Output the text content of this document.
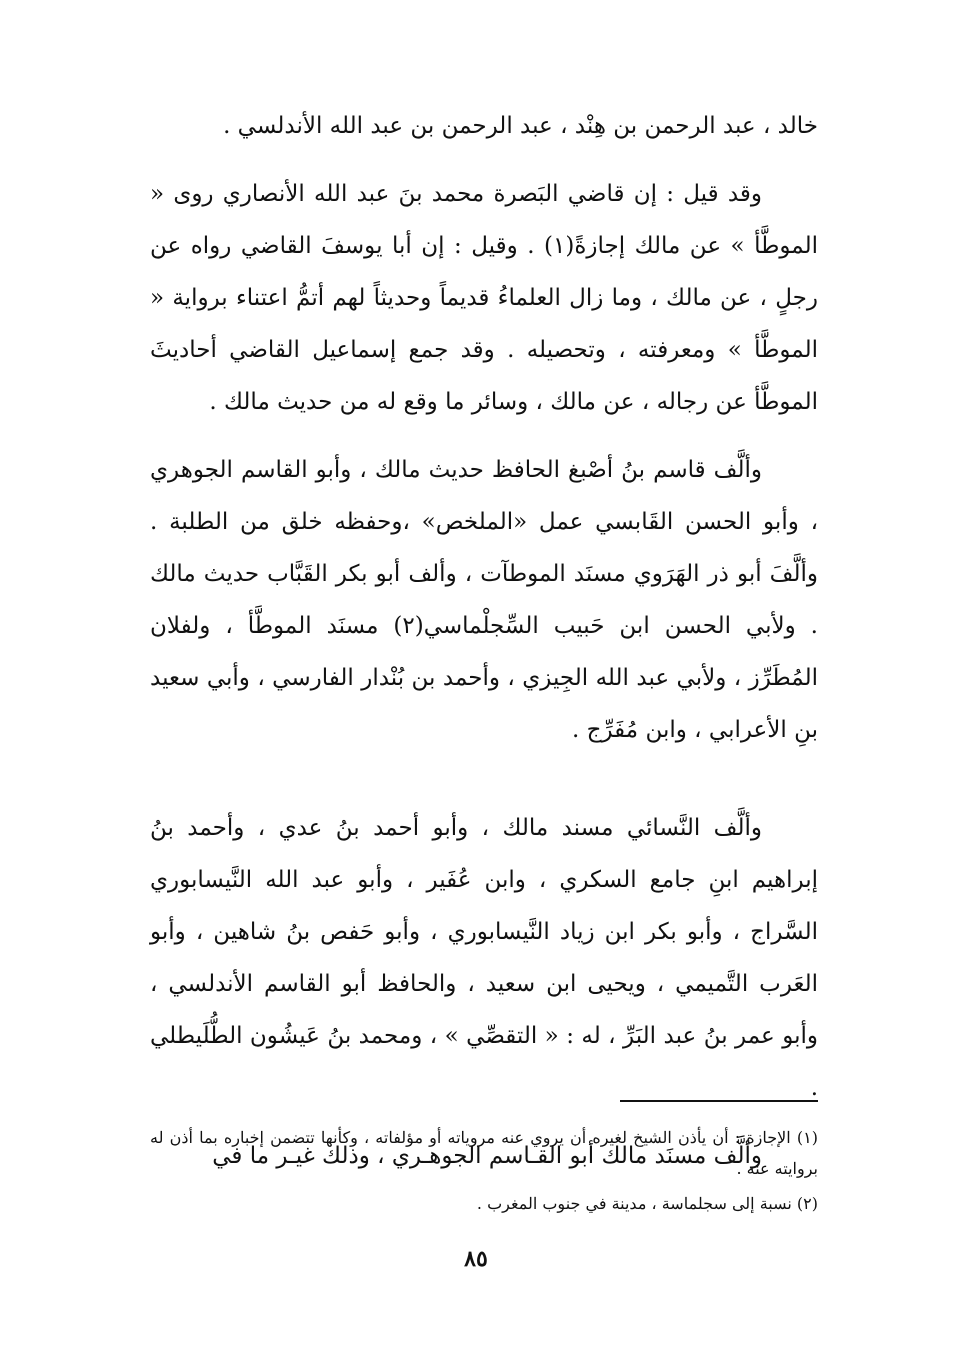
خالد ، عبد الرحمن بن هِنْد ، عبد الرحمن بن عبد الله الأندلسي .

وقد قيل : إن قاضي البَصرة محمد بنَ عبد الله الأنصاري روى « الموطَّأ » عن مالك إجازةً(١) . وقيل : إن أبا يوسفَ القاضي رواه عن رجلٍ ، عن مالك ، وما زال العلماءُ قديماً وحديثاً لهم أتمُّ اعتناء برواية « الموطَّأ » ومعرفته ، وتحصيله . وقد جمع إسماعيل القاضي أحاديثَ الموطَّأ عن رجاله ، عن مالك ، وسائر ما وقع له من حديث مالك .

وألَّف قاسم بنُ أصْبغ الحافظ حديث مالك ، وأبو القاسم الجوهري ، وأبو الحسن القَابسي عمل «الملخص» ،وحفظه خلق من الطلبة . وألَّفَ أبو ذر الهَرَوي مسنَد الموطآت ، وألف أبو بكر القَبَّاب حديث مالك . ولأبي الحسن ابن حَبيب السِّجلْماسي(٢) مسنَد الموطَّأ ، ولفلان المُطَرِّز ، ولأبي عبد الله الجِيزي ، وأحمد بن بُنْدار الفارسي ، وأبي سعيد بنِ الأعرابي ، وابن مُفَرِّج .

وألَّف النَّسائي مسند مالك ، وأبو أحمد بنُ عدي ، وأحمد بنُ إبراهيم ابنِ جامع السكري ، وابن عُفَير ، وأبو عبد الله النَّيسابوري السَّراج ، وأبو بكر ابن زياد النَّيسابوري ، وأبو حَفص بنُ شاهين ، وأبو العَرب التَّميمي ، ويحيى ابن سعيد ، والحافظ أبو القاسم الأندلسي ، وأبو عمر بنُ عبد البَرِّ ، له : « التقصِّي » ، ومحمد بنُ عَيشُون الطُّلَيطلي .

وألَّف مسنَد مالك أبو القـاسم الجوهـري ، وذلك غيـر ما في

(١) الإجازة : أن يأذن الشيخ لغيره أن يروي عنه مروياته أو مؤلفاته ، وكأنها تتضمن إخباره بما أذن له بروايته عنه .

(٢) نسبة إلى سجلماسة ، مدينة في جنوب المغرب .

٨٥
